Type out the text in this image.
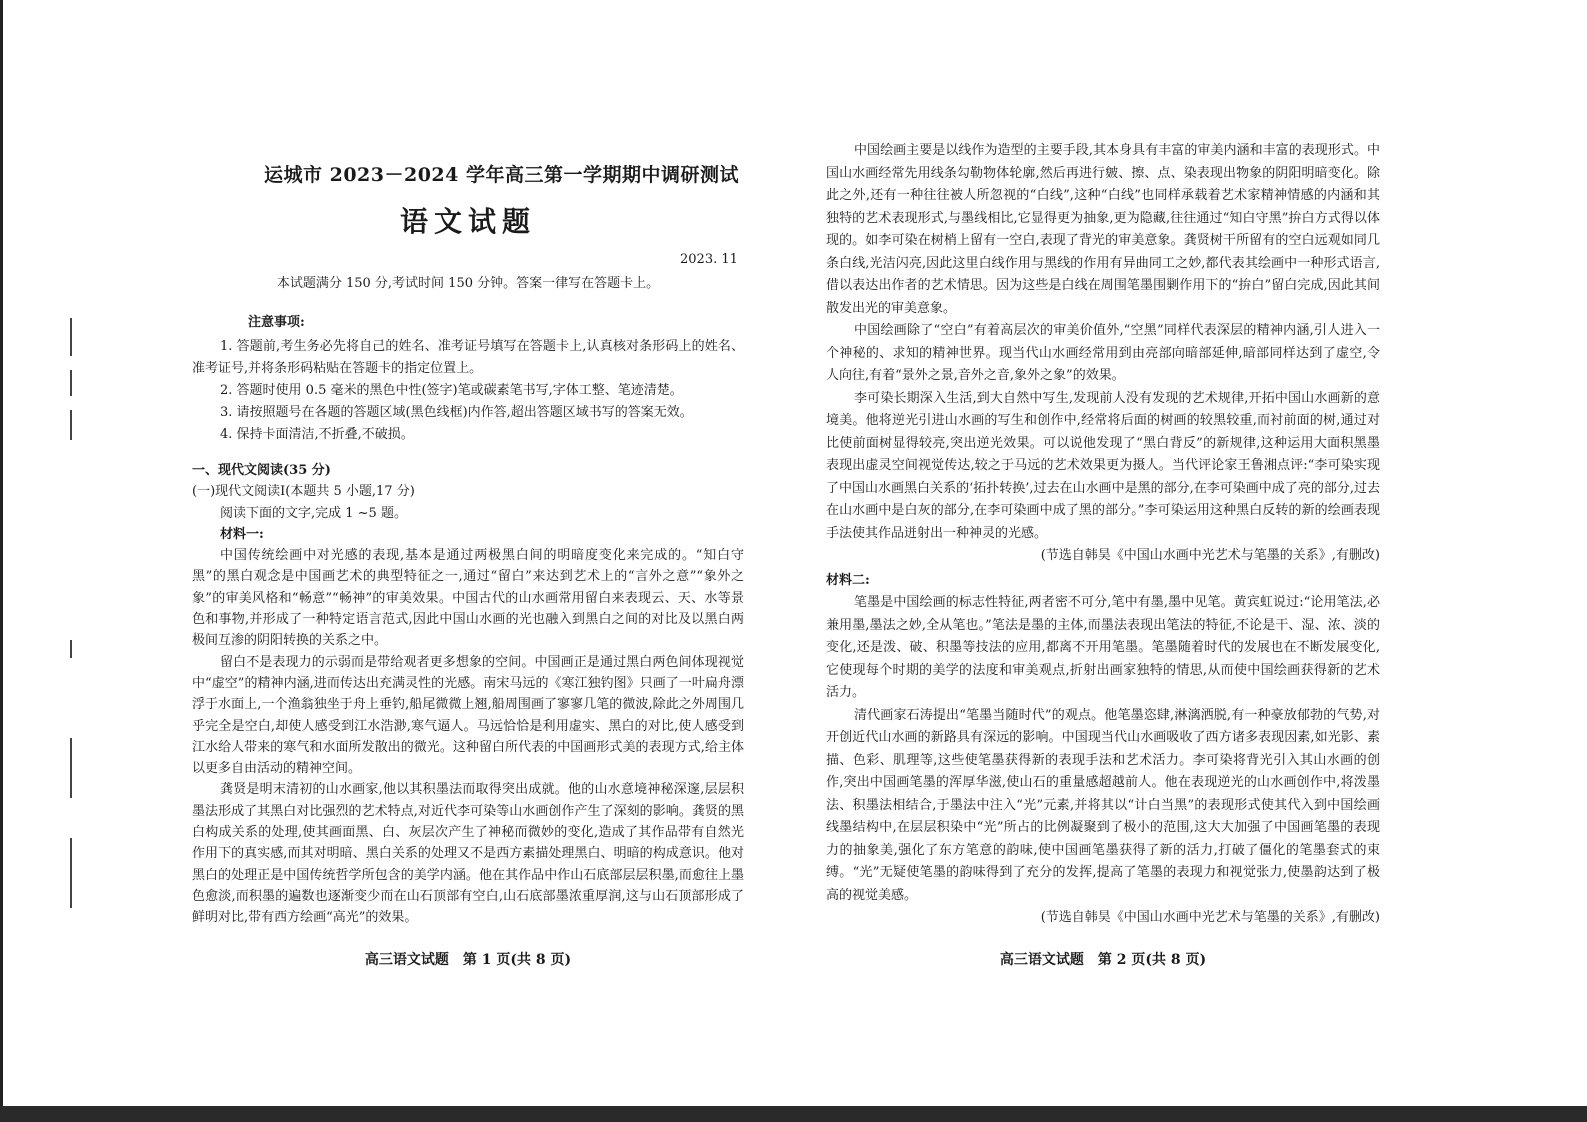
运城市 2023－2024 学年高三第一学期期中调研测试
语文试题
2023. 11
本试题满分 150 分,考试时间 150 分钟。答案一律写在答题卡上。

注意事项:

1. 答题前,考生务必先将自己的姓名、准考证号填写在答题卡上,认真核对条形码上的姓名、准考证号,并将条形码粘贴在答题卡的指定位置上。

2. 答题时使用 0.5 毫米的黑色中性(签字)笔或碳素笔书写,字体工整、笔迹清楚。

3. 请按照题号在各题的答题区域(黑色线框)内作答,超出答题区域书写的答案无效。

4. 保持卡面清洁,不折叠,不破损。

一、现代文阅读(35 分)

(一)现代文阅读Ⅰ(本题共 5 小题,17 分)

阅读下面的文字,完成 1 ~5 题。

材料一:

中国传统绘画中对光感的表现,基本是通过两极黑白间的明暗度变化来完成的。“知白守黑”的黑白观念是中国画艺术的典型特征之一,通过“留白”来达到艺术上的“言外之意”“象外之象”的审美风格和“畅意”“畅神”的审美效果。中国古代的山水画常用留白来表现云、天、水等景色和事物,并形成了一种特定语言范式,因此中国山水画的光也融入到黑白之间的对比及以黑白两极间互渗的阴阳转换的关系之中。

留白不是表现力的示弱而是带给观者更多想象的空间。中国画正是通过黑白两色间体现视觉中“虚空”的精神内涵,进而传达出充满灵性的光感。南宋马远的《寒江独钓图》只画了一叶扁舟漂浮于水面上,一个渔翁独坐于舟上垂钓,船尾微微上翘,船周围画了寥寥几笔的微波,除此之外周围几乎完全是空白,却使人感受到江水浩渺,寒气逼人。马远恰恰是利用虚实、黑白的对比,使人感受到江水给人带来的寒气和水面所发散出的微光。这种留白所代表的中国画形式美的表现方式,给主体以更多自由活动的精神空间。

龚贤是明末清初的山水画家,他以其积墨法而取得突出成就。他的山水意境神秘深邃,层层积墨法形成了其黑白对比强烈的艺术特点,对近代李可染等山水画创作产生了深刻的影响。龚贤的黑白构成关系的处理,使其画面黑、白、灰层次产生了神秘而微妙的变化,造成了其作品带有自然光作用下的真实感,而其对明暗、黑白关系的处理又不是西方素描处理黑白、明暗的构成意识。他对黑白的处理正是中国传统哲学所包含的美学内涵。他在其作品中作山石底部层层积墨,而愈往上墨色愈淡,而积墨的遍数也逐渐变少而在山石顶部有空白,山石底部墨浓重厚润,这与山石顶部形成了鲜明对比,带有西方绘画“高光”的效果。

高三语文试题　第 1 页(共 8 页)

中国绘画主要是以线作为造型的主要手段,其本身具有丰富的审美内涵和丰富的表现形式。中国山水画经常先用线条勾勒物体轮廓,然后再进行皴、擦、点、染表现出物象的阴阳明暗变化。除此之外,还有一种往往被人所忽视的“白线”,这种“白线”也同样承载着艺术家精神情感的内涵和其独特的艺术表现形式,与墨线相比,它显得更为抽象,更为隐藏,往往通过“知白守黑”拚白方式得以体现的。如李可染在树梢上留有一空白,表现了背光的审美意象。龚贤树干所留有的空白远观如同几条白线,光洁闪亮,因此这里白线作用与黑线的作用有异曲同工之妙,都代表其绘画中一种形式语言,借以表达出作者的艺术情思。因为这些是白线在周围笔墨围剿作用下的“拚白”留白完成,因此其间散发出光的审美意象。

中国绘画除了“空白”有着高层次的审美价值外,“空黑”同样代表深层的精神内涵,引人进入一个神秘的、求知的精神世界。现当代山水画经常用到由亮部向暗部延伸,暗部同样达到了虚空,令人向往,有着“景外之景,音外之音,象外之象”的效果。

李可染长期深入生活,到大自然中写生,发现前人没有发现的艺术规律,开拓中国山水画新的意境美。他将逆光引进山水画的写生和创作中,经常将后面的树画的较黑较重,而衬前面的树,通过对比使前面树显得较亮,突出逆光效果。可以说他发现了“黑白背反”的新规律,这种运用大面积黑墨表现出虚灵空间视觉传达,较之于马远的艺术效果更为摄人。当代评论家王鲁湘点评:“李可染实现了中国山水画黑白关系的‘拓扑转换’,过去在山水画中是黑的部分,在李可染画中成了亮的部分,过去在山水画中是白灰的部分,在李可染画中成了黑的部分。”李可染运用这种黑白反转的新的绘画表现手法使其作品迸射出一种神灵的光感。

(节选自韩昊《中国山水画中光艺术与笔墨的关系》,有删改)

材料二:

笔墨是中国绘画的标志性特征,两者密不可分,笔中有墨,墨中见笔。黄宾虹说过:“论用笔法,必兼用墨,墨法之妙,全从笔也。”笔法是墨的主体,而墨法表现出笔法的特征,不论是干、湿、浓、淡的变化,还是泼、破、积墨等技法的应用,都离不开用笔墨。笔墨随着时代的发展也在不断发展变化,它使现每个时期的美学的法度和审美观点,折射出画家独特的情思,从而使中国绘画获得新的艺术活力。

清代画家石涛提出“笔墨当随时代”的观点。他笔墨恣肆,淋漓洒脱,有一种豪放郁勃的气势,对开创近代山水画的新路具有深远的影响。中国现当代山水画吸收了西方诸多表现因素,如光影、素描、色彩、肌理等,这些使笔墨获得新的表现手法和艺术活力。李可染将背光引入其山水画的创作,突出中国画笔墨的浑厚华滋,使山石的重量感超越前人。他在表现逆光的山水画创作中,将泼墨法、积墨法相结合,于墨法中注入“光”元素,并将其以“计白当黑”的表现形式使其代入到中国绘画线墨结构中,在层层积染中“光”所占的比例凝聚到了极小的范围,这大大加强了中国画笔墨的表现力的抽象美,强化了东方笔意的韵味,使中国画笔墨获得了新的活力,打破了僵化的笔墨套式的束缚。“光”无疑使笔墨的韵味得到了充分的发挥,提高了笔墨的表现力和视觉张力,使墨韵达到了极高的视觉美感。

(节选自韩昊《中国山水画中光艺术与笔墨的关系》,有删改)

高三语文试题　第 2 页(共 8 页)
